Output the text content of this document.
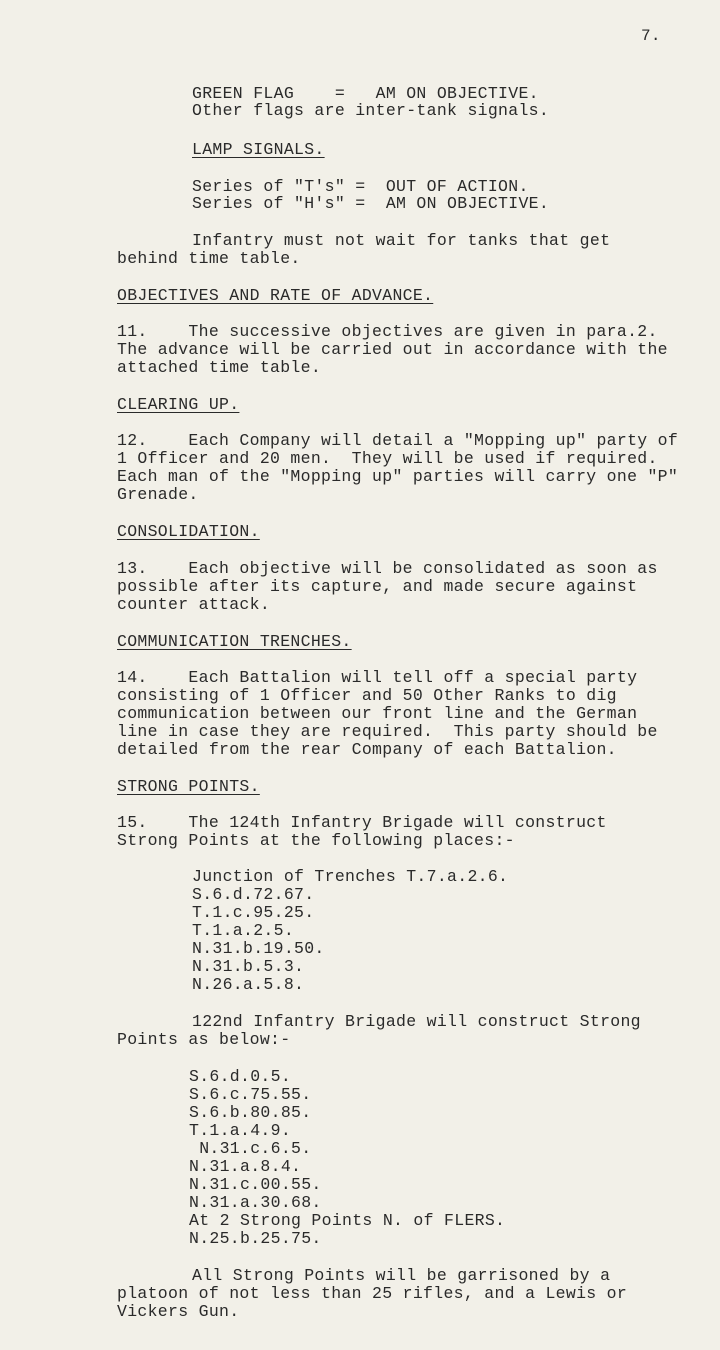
7.
GREEN FLAG    =   AM ON OBJECTIVE.
Other flags are inter-tank signals.
LAMP SIGNALS.
Series of "T's" =  OUT OF ACTION.
Series of "H's" =  AM ON OBJECTIVE.
Infantry must not wait for tanks that get
behind time table.
OBJECTIVES AND RATE OF ADVANCE.
11.    The successive objectives are given in para.2.
The advance will be carried out in accordance with the
attached time table.
CLEARING UP.
12.    Each Company will detail a "Mopping up" party of
1 Officer and 20 men.  They will be used if required.
Each man of the "Mopping up" parties will carry one "P"
Grenade.
CONSOLIDATION.
13.    Each objective will be consolidated as soon as
possible after its capture, and made secure against
counter attack.
COMMUNICATION TRENCHES.
14.    Each Battalion will tell off a special party
consisting of 1 Officer and 50 Other Ranks to dig
communication between our front line and the German
line in case they are required.  This party should be
detailed from the rear Company of each Battalion.
STRONG POINTS.
15.    The 124th Infantry Brigade will construct
Strong Points at the following places:-
Junction of Trenches T.7.a.2.6.
S.6.d.72.67.
T.1.c.95.25.
T.1.a.2.5.
N.31.b.19.50.
N.31.b.5.3.
N.26.a.5.8.
122nd Infantry Brigade will construct Strong
Points as below:-
S.6.d.0.5.
S.6.c.75.55.
S.6.b.80.85.
T.1.a.4.9.
N.31.c.6.5.
N.31.a.8.4.
N.31.c.00.55.
N.31.a.30.68.
At 2 Strong Points N. of FLERS.
N.25.b.25.75.
All Strong Points will be garrisoned by a
platoon of not less than 25 rifles, and a Lewis or
Vickers Gun.
